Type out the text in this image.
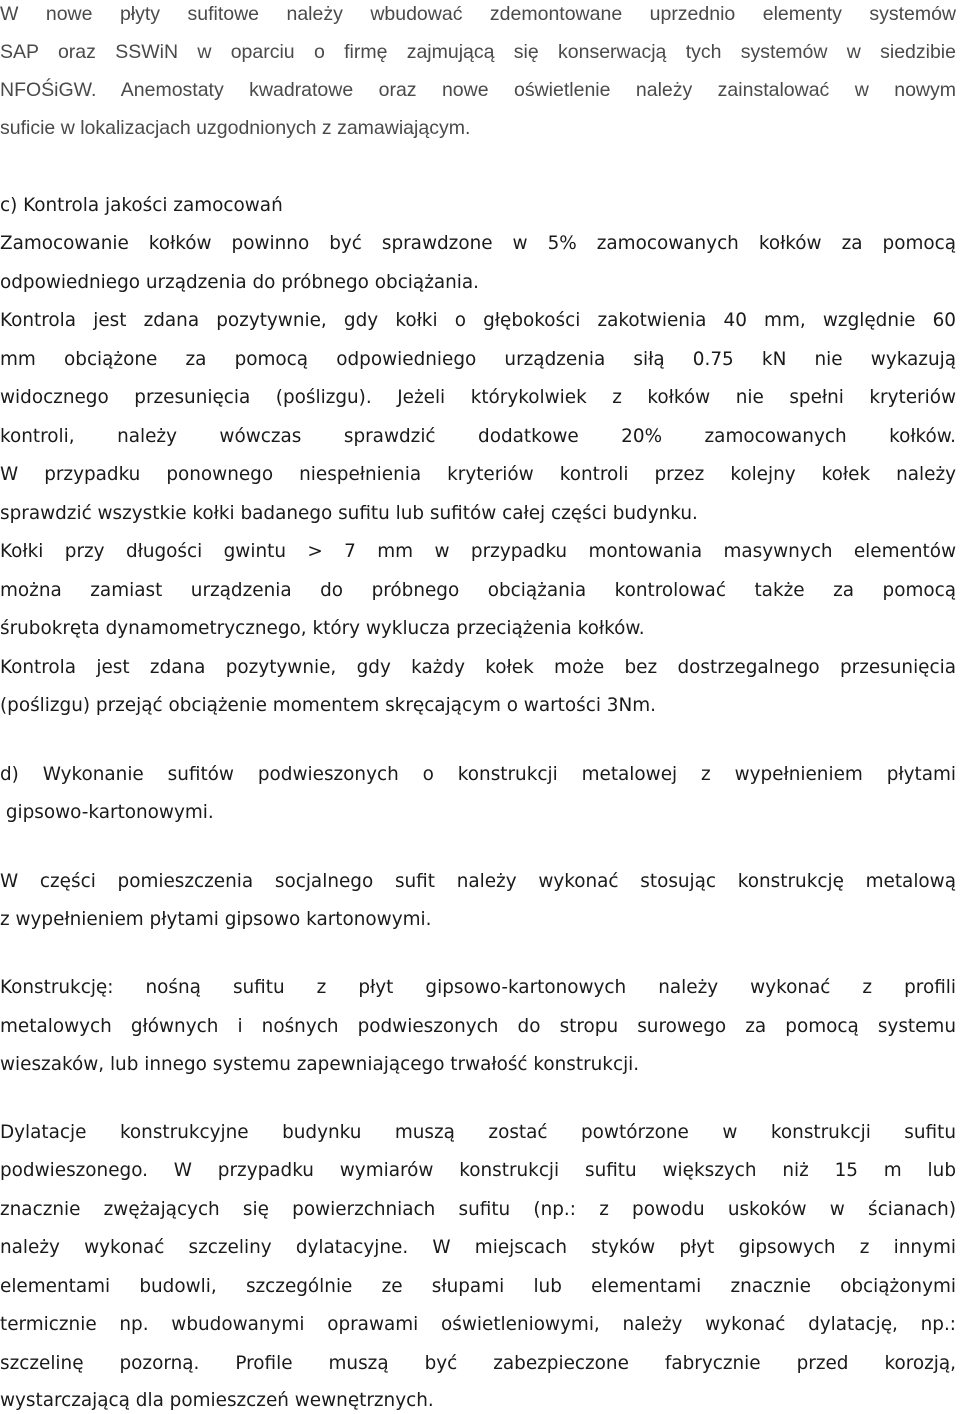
W nowe płyty sufitowe należy wbudować zdemontowane uprzednio elementy systemów
SAP oraz SSWiN w oparciu o firmę zajmującą się konserwacją tych systemów w siedzibie
NFOŚiGW. Anemostaty kwadratowe oraz nowe oświetlenie należy zainstalować w nowym
suficie w lokalizacjach uzgodnionych z zamawiającym.
c) Kontrola jakości zamocowań
Zamocowanie kołków powinno być sprawdzone w 5% zamocowanych kołków za pomocą
odpowiedniego urządzenia do próbnego obciążania.
Kontrola jest zdana pozytywnie, gdy kołki o głębokości zakotwienia 40 mm, względnie 60
mm obciążone za pomocą odpowiedniego urządzenia siłą 0.75 kN nie wykazują
widocznego przesunięcia (poślizgu). Jeżeli którykolwiek z kołków nie spełni kryteriów
kontroli, należy wówczas sprawdzić dodatkowe 20% zamocowanych kołków.
W przypadku ponownego niespełnienia kryteriów kontroli przez kolejny kołek należy
sprawdzić wszystkie kołki badanego sufitu lub sufitów całej części budynku.
Kołki przy długości gwintu > 7 mm w przypadku montowania masywnych elementów
można zamiast urządzenia do próbnego obciążania kontrolować także za pomocą
śrubokręta dynamometrycznego, który wyklucza przeciążenia kołków.
Kontrola jest zdana pozytywnie, gdy każdy kołek może bez dostrzegalnego przesunięcia
(poślizgu) przejąć obciążenie momentem skręcającym o wartości 3Nm.
d) Wykonanie sufitów podwieszonych o konstrukcji metalowej z wypełnieniem płytami
gipsowo-kartonowymi.
W części pomieszczenia socjalnego sufit należy wykonać stosując konstrukcję metalową
z wypełnieniem płytami gipsowo kartonowymi.
Konstrukcję: nośną sufitu z płyt gipsowo-kartonowych należy wykonać z profili
metalowych głównych i nośnych podwieszonych do stropu surowego za pomocą systemu
wieszaków, lub innego systemu zapewniającego trwałość konstrukcji.
Dylatacje konstrukcyjne budynku muszą zostać powtórzone w konstrukcji sufitu
podwieszonego. W przypadku wymiarów konstrukcji sufitu większych niż 15 m lub
znacznie zwężających się powierzchniach sufitu (np.: z powodu uskoków w ścianach)
należy wykonać szczeliny dylatacyjne. W miejscach styków płyt gipsowych z innymi
elementami budowli, szczególnie ze słupami lub elementami znacznie obciążonymi
termicznie np. wbudowanymi oprawami oświetleniowymi, należy wykonać dylatację, np.:
szczelinę pozorną. Profile muszą być zabezpieczone fabrycznie przed korozją,
wystarczającą dla pomieszczeń wewnętrznych.
